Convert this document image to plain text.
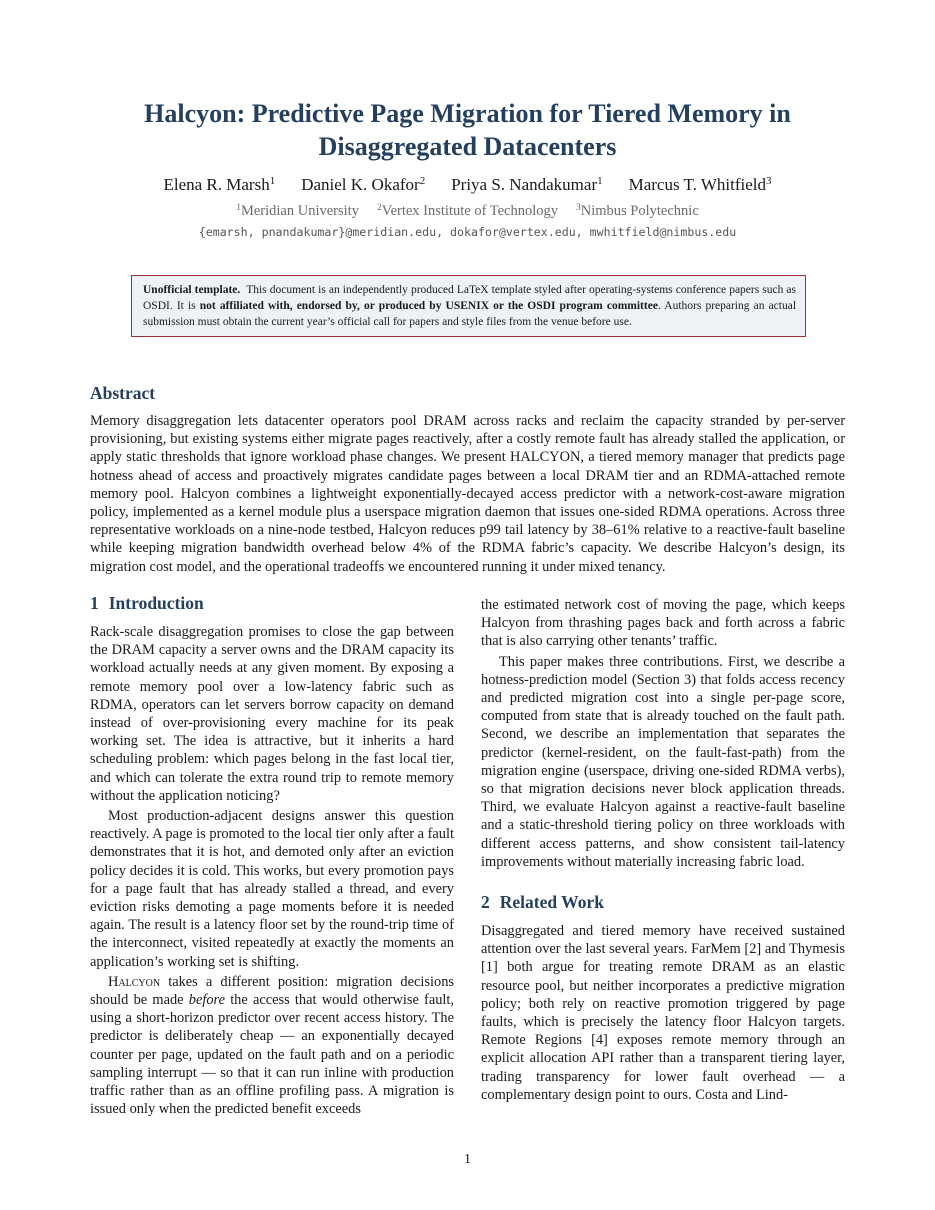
Halcyon: Predictive Page Migration for Tiered Memory in Disaggregated Datacenters
Elena R. Marsh$^1$ Daniel K. Okafor$^2$ Priya S. Nandakumar$^1$ Marcus T. Whitfield$^3$
$^1$Meridian University $^2$Vertex Institute of Technology $^3$Nimbus Polytechnic
{emarsh, pnandakumar}@meridian.edu, dokafor@vertex.edu, mwhitfield@nimbus.edu
Unofficial template. This document is an independently produced LaTeX template styled after operating-systems conference papers such as OSDI. It is not affiliated with, endorsed by, or produced by USENIX or the OSDI program committee. Authors preparing an actual submission must obtain the current year’s official call for papers and style files from the venue before use.
Abstract

Memory disaggregation lets datacenter operators pool DRAM across racks and reclaim the capacity stranded by per-server provisioning, but existing systems either migrate pages reactively, after a costly remote fault has already stalled the application, or apply static thresholds that ignore workload phase changes. We present HALCYON, a tiered memory manager that predicts page hotness ahead of access and proactively migrates candidate pages between a local DRAM tier and an RDMA-attached remote memory pool. Halcyon combines a lightweight exponentially-decayed access predictor with a network-cost-aware migration policy, implemented as a kernel module plus a userspace migration daemon that issues one-sided RDMA operations. Across three representative workloads on a nine-node testbed, Halcyon reduces p99 tail latency by 38–61% relative to a reactive-fault baseline while keeping migration bandwidth overhead below 4% of the RDMA fabric’s capacity. We describe Halcyon’s design, its migration cost model, and the operational tradeoffs we encountered running it under mixed tenancy.

1 Introduction

Rack-scale disaggregation promises to close the gap between the DRAM capacity a server owns and the DRAM capacity its workload actually needs at any given moment. By exposing a remote memory pool over a low-latency fabric such as RDMA, operators can let servers borrow capacity on demand instead of over-provisioning every machine for its peak working set. The idea is attractive, but it inherits a hard scheduling problem: which pages belong in the fast local tier, and which can tolerate the extra round trip to remote memory without the application noticing?

Most production-adjacent designs answer this question reactively. A page is promoted to the local tier only after a fault demonstrates that it is hot, and demoted only after an eviction policy decides it is cold. This works, but every promotion pays for a page fault that has already stalled a thread, and every eviction risks demoting a page moments before it is needed again. The result is a latency floor set by the round-trip time of the interconnect, visited repeatedly at exactly the moments an application’s working set is shifting.

Halcyon takes a different position: migration decisions should be made before the access that would otherwise fault, using a short-horizon predictor over recent access history. The predictor is deliberately cheap — an exponentially decayed counter per page, updated on the fault path and on a periodic sampling interrupt — so that it can run inline with production traffic rather than as an offline profiling pass. A migration is issued only when the predicted benefit exceeds

the estimated network cost of moving the page, which keeps Halcyon from thrashing pages back and forth across a fabric that is also carrying other tenants’ traffic.

This paper makes three contributions. First, we describe a hotness-prediction model (Section 3) that folds access recency and predicted migration cost into a single per-page score, computed from state that is already touched on the fault path. Second, we describe an implementation that separates the predictor (kernel-resident, on the fault-fast-path) from the migration engine (userspace, driving one-sided RDMA verbs), so that migration decisions never block application threads. Third, we evaluate Halcyon against a reactive-fault baseline and a static-threshold tiering policy on three workloads with different access patterns, and show consistent tail-latency improvements without materially increasing fabric load.

2 Related Work

Disaggregated and tiered memory have received sustained attention over the last several years. FarMem [2] and Thymesis [1] both argue for treating remote DRAM as an elastic resource pool, but neither incorporates a predictive migration policy; both rely on reactive promotion triggered by page faults, which is precisely the latency floor Halcyon targets. Remote Regions [4] exposes remote memory through an explicit allocation API rather than a transparent tiering layer, trading transparency for lower fault overhead — a complementary design point to ours. Costa and Lind-

1
